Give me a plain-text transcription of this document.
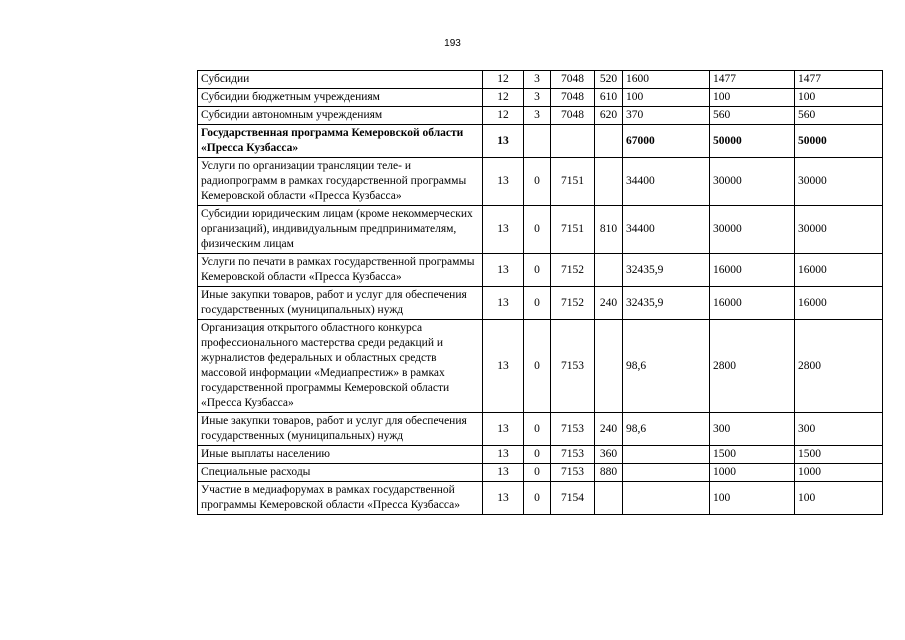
193
Субсидии	12	3	7048	520	1600	1477	1477
Субсидии бюджетным учреждениям	12	3	7048	610	100	100	100
Субсидии автономным учреждениям	12	3	7048	620	370	560	560
Государственная программа Кемеровской области «Пресса Кузбасса»	13				67000	50000	50000
Услуги по организации трансляции теле- и радиопрограмм в рамках государственной программы Кемеровской области «Пресса Кузбасса»	13	0	7151		34400	30000	30000
Субсидии юридическим лицам (кроме некоммерческих организаций), индивидуальным предпринимателям, физическим лицам	13	0	7151	810	34400	30000	30000
Услуги по печати в рамках государственной программы Кемеровской области «Пресса Кузбасса»	13	0	7152		32435,9	16000	16000
Иные закупки товаров, работ и услуг для обеспечения государственных (муниципальных) нужд	13	0	7152	240	32435,9	16000	16000
Организация открытого областного конкурса профессионального мастерства среди редакций и журналистов федеральных и областных средств массовой информации «Медиапрестиж» в рамках государственной программы Кемеровской области «Пресса Кузбасса»	13	0	7153		98,6	2800	2800
Иные закупки товаров, работ и услуг для обеспечения государственных (муниципальных) нужд	13	0	7153	240	98,6	300	300
Иные выплаты населению	13	0	7153	360		1500	1500
Специальные расходы	13	0	7153	880		1000	1000
Участие в медиафорумах в рамках государственной программы Кемеровской области «Пресса Кузбасса»	13	0	7154			100	100
